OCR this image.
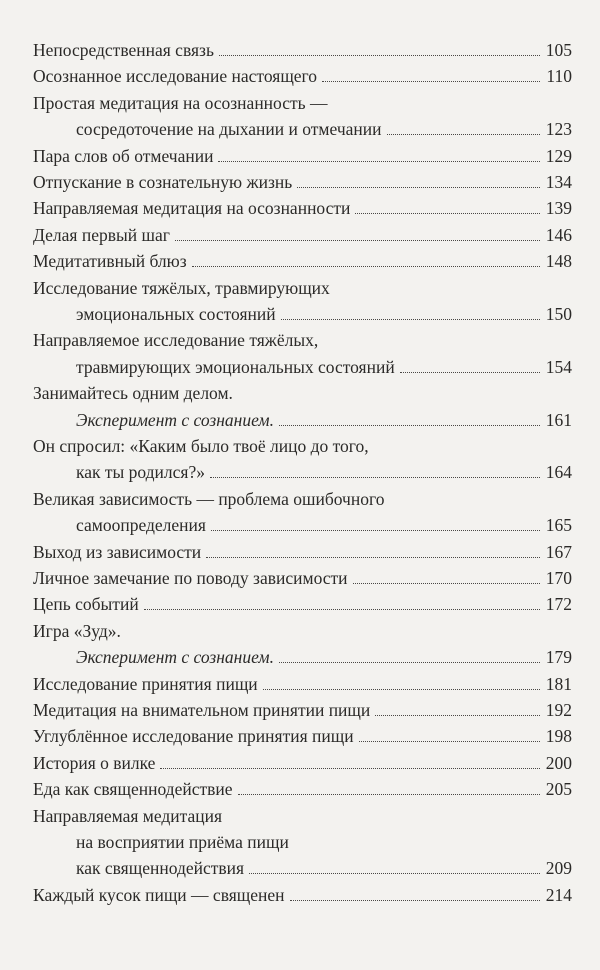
Непосредственная связь	105
Осознанное исследование настоящего	110
Простая медитация на осознанность —
сосредоточение на дыхании и отмечании	123
Пара слов об отмечании	129
Отпускание в сознательную жизнь	134
Направляемая медитация на осознанности	139
Делая первый шаг	146
Медитативный блюз	148
Исследование тяжёлых, травмирующих
эмоциональных состояний	150
Направляемое исследование тяжёлых,
травмирующих эмоциональных состояний	154
Занимайтесь одним делом.
Эксперимент с сознанием.	161
Он спросил: «Каким было твоё лицо до того,
как ты родился?»	164
Великая зависимость — проблема ошибочного
самоопределения	165
Выход из зависимости	167
Личное замечание по поводу зависимости	170
Цепь событий	172
Игра «Зуд».
Эксперимент с сознанием.	179
Исследование принятия пищи	181
Медитация на внимательном принятии пищи	192
Углублённое исследование принятия пищи	198
История о вилке	200
Еда как священнодействие	205
Направляемая медитация
на восприятии приёма пищи
как священнодействия	209
Каждый кусок пищи — священен	214
